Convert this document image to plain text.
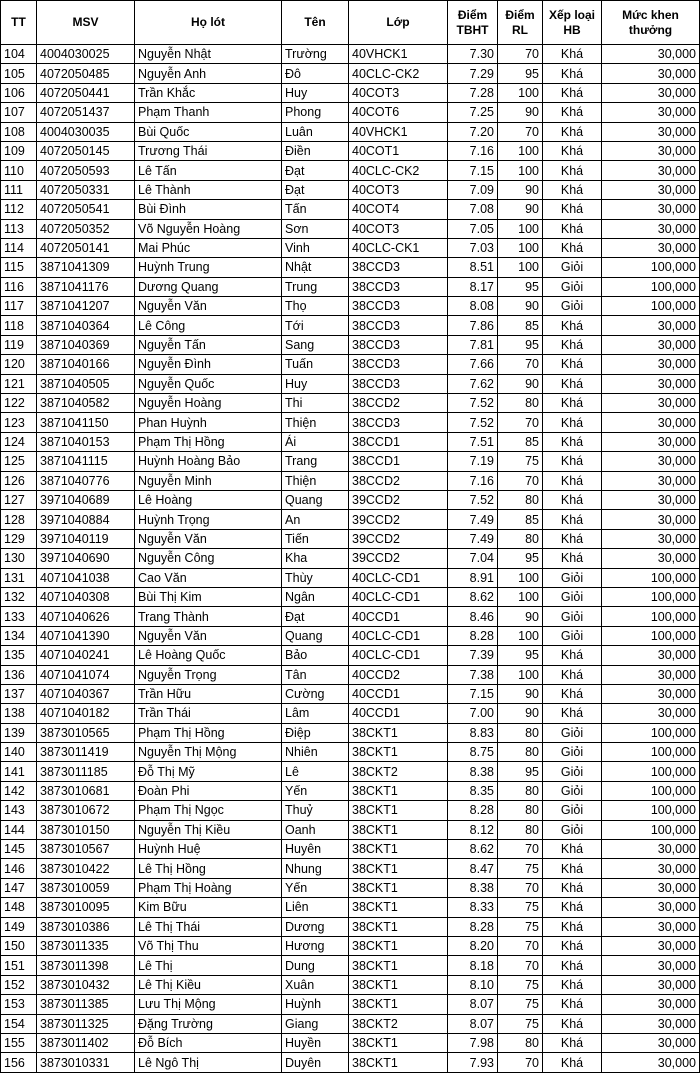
TT	MSV	Họ lót	Tên	Lớp	Điểm TBHT	Điểm RL	Xếp loại HB	Mức khen thưởng
104	4004030025	Nguyễn Nhật	Trường	40VHCK1	7.30	70	Khá	30,000
105	4072050485	Nguyễn Anh	Đô	40CLC-CK2	7.29	95	Khá	30,000
106	4072050441	Trần Khắc	Huy	40COT3	7.28	100	Khá	30,000
107	4072051437	Phạm Thanh	Phong	40COT6	7.25	90	Khá	30,000
108	4004030035	Bùi Quốc	Luân	40VHCK1	7.20	70	Khá	30,000
109	4072050145	Trương Thái	Điền	40COT1	7.16	100	Khá	30,000
110	4072050593	Lê Tấn	Đạt	40CLC-CK2	7.15	100	Khá	30,000
111	4072050331	Lê Thành	Đạt	40COT3	7.09	90	Khá	30,000
112	4072050541	Bùi Đình	Tấn	40COT4	7.08	90	Khá	30,000
113	4072050352	Võ Nguyễn Hoàng	Sơn	40COT3	7.05	100	Khá	30,000
114	4072050141	Mai Phúc	Vinh	40CLC-CK1	7.03	100	Khá	30,000
115	3871041309	Huỳnh Trung	Nhật	38CCD3	8.51	100	Giỏi	100,000
116	3871041176	Dương Quang	Trung	38CCD3	8.17	95	Giỏi	100,000
117	3871041207	Nguyễn Văn	Thọ	38CCD3	8.08	90	Giỏi	100,000
118	3871040364	Lê Công	Tới	38CCD3	7.86	85	Khá	30,000
119	3871040369	Nguyễn Tấn	Sang	38CCD3	7.81	95	Khá	30,000
120	3871040166	Nguyễn Đình	Tuấn	38CCD3	7.66	70	Khá	30,000
121	3871040505	Nguyễn Quốc	Huy	38CCD3	7.62	90	Khá	30,000
122	3871040582	Nguyễn Hoàng	Thi	38CCD2	7.52	80	Khá	30,000
123	3871041150	Phan Huỳnh	Thiện	38CCD3	7.52	70	Khá	30,000
124	3871040153	Phạm Thị Hồng	Ái	38CCD1	7.51	85	Khá	30,000
125	3871041115	Huỳnh Hoàng Bảo	Trang	38CCD1	7.19	75	Khá	30,000
126	3871040776	Nguyễn Minh	Thiện	38CCD2	7.16	70	Khá	30,000
127	3971040689	Lê Hoàng	Quang	39CCD2	7.52	80	Khá	30,000
128	3971040884	Huỳnh Trọng	An	39CCD2	7.49	85	Khá	30,000
129	3971040119	Nguyễn Văn	Tiến	39CCD2	7.49	80	Khá	30,000
130	3971040690	Nguyễn Công	Kha	39CCD2	7.04	95	Khá	30,000
131	4071041038	Cao Văn	Thùy	40CLC-CD1	8.91	100	Giỏi	100,000
132	4071040308	Bùi Thị Kim	Ngân	40CLC-CD1	8.62	100	Giỏi	100,000
133	4071040626	Trang Thành	Đạt	40CCD1	8.46	90	Giỏi	100,000
134	4071041390	Nguyễn Văn	Quang	40CLC-CD1	8.28	100	Giỏi	100,000
135	4071040241	Lê Hoàng Quốc	Bảo	40CLC-CD1	7.39	95	Khá	30,000
136	4071041074	Nguyễn Trọng	Tân	40CCD2	7.38	100	Khá	30,000
137	4071040367	Trần Hữu	Cường	40CCD1	7.15	90	Khá	30,000
138	4071040182	Trần Thái	Lâm	40CCD1	7.00	90	Khá	30,000
139	3873010565	Phạm Thị Hồng	Điệp	38CKT1	8.83	80	Giỏi	100,000
140	3873011419	Nguyễn Thị Mộng	Nhiên	38CKT1	8.75	80	Giỏi	100,000
141	3873011185	Đỗ Thị Mỹ	Lê	38CKT2	8.38	95	Giỏi	100,000
142	3873010681	Đoàn Phi	Yến	38CKT1	8.35	80	Giỏi	100,000
143	3873010672	Phạm Thị Ngọc	Thuỷ	38CKT1	8.28	80	Giỏi	100,000
144	3873010150	Nguyễn Thị Kiều	Oanh	38CKT1	8.12	80	Giỏi	100,000
145	3873010567	Huỳnh Huệ	Huyên	38CKT1	8.62	70	Khá	30,000
146	3873010422	Lê Thị Hồng	Nhung	38CKT1	8.47	75	Khá	30,000
147	3873010059	Phạm Thị Hoàng	Yến	38CKT1	8.38	70	Khá	30,000
148	3873010095	Kim Bữu	Liên	38CKT1	8.33	75	Khá	30,000
149	3873010386	Lê Thị Thái	Dương	38CKT1	8.28	75	Khá	30,000
150	3873011335	Võ Thị Thu	Hương	38CKT1	8.20	70	Khá	30,000
151	3873011398	Lê Thị	Dung	38CKT1	8.18	70	Khá	30,000
152	3873010432	Lê Thị Kiều	Xuân	38CKT1	8.10	75	Khá	30,000
153	3873011385	Lưu Thị Mộng	Huỳnh	38CKT1	8.07	75	Khá	30,000
154	3873011325	Đặng Trường	Giang	38CKT2	8.07	75	Khá	30,000
155	3873011402	Đỗ Bích	Huyền	38CKT1	7.98	80	Khá	30,000
156	3873010331	Lê Ngô Thị	Duyên	38CKT1	7.93	70	Khá	30,000
